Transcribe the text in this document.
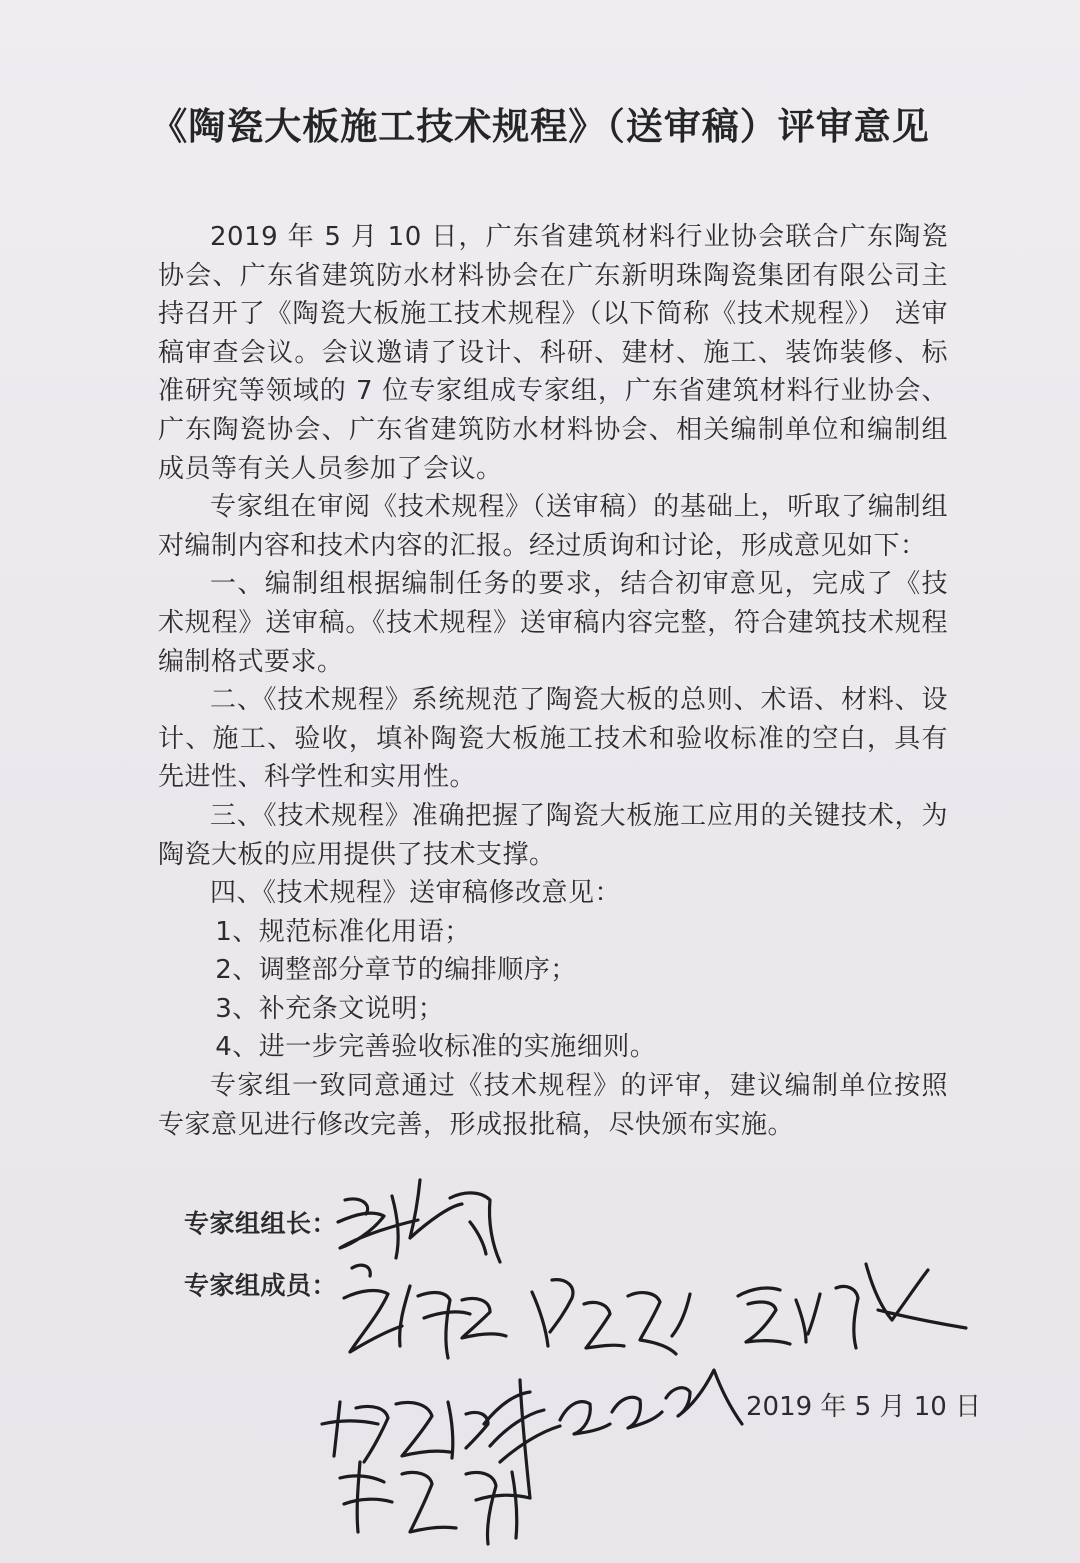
《陶瓷大板施工技术规程》（送审稿）评审意见

2019 年 5 月 10 日，广东省建筑材料行业协会联合广东陶瓷协会、广东省建筑防水材料协会在广东新明珠陶瓷集团有限公司主持召开了《陶瓷大板施工技术规程》（以下简称《技术规程》） 送审稿审查会议。会议邀请了设计、科研、建材、施工、装饰装修、标准研究等领域的 7 位专家组成专家组，广东省建筑材料行业协会、广东陶瓷协会、广东省建筑防水材料协会、相关编制单位和编制组成员等有关人员参加了会议。

专家组在审阅《技术规程》（送审稿）的基础上，听取了编制组对编制内容和技术内容的汇报。经过质询和讨论，形成意见如下：

一、编制组根据编制任务的要求，结合初审意见，完成了《技术规程》送审稿。《技术规程》送审稿内容完整，符合建筑技术规程编制格式要求。

二、《技术规程》系统规范了陶瓷大板的总则、术语、材料、设计、施工、验收，填补陶瓷大板施工技术和验收标准的空白，具有先进性、科学性和实用性。

三、《技术规程》准确把握了陶瓷大板施工应用的关键技术，为陶瓷大板的应用提供了技术支撑。

四、《技术规程》送审稿修改意见：

1、规范标准化用语；

2、调整部分章节的编排顺序；

3、补充条文说明；

4、进一步完善验收标准的实施细则。

专家组一致同意通过《技术规程》的评审，建议编制单位按照专家意见进行修改完善，形成报批稿，尽快颁布实施。

专家组组长：
专家组成员：
2019 年 5 月 10 日
